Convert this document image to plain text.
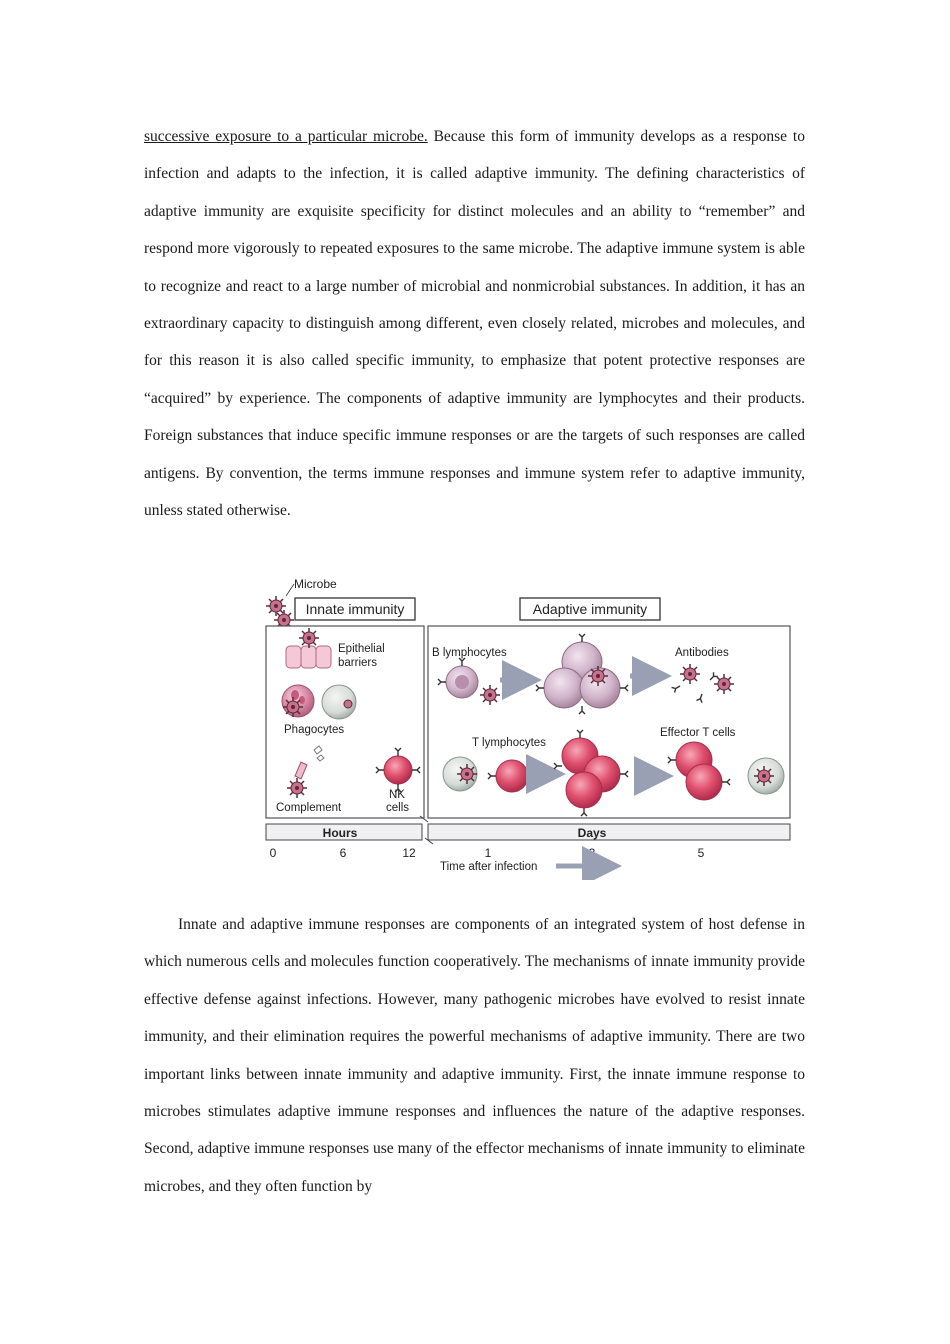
successive exposure to a particular microbe. Because this form of immunity develops as a response to infection and adapts to the infection, it is called adaptive immunity. The defining characteristics of adaptive immunity are exquisite specificity for distinct molecules and an ability to “remember” and respond more vigorously to repeated exposures to the same microbe. The adaptive immune system is able to recognize and react to a large number of microbial and nonmicrobial substances. In addition, it has an extraordinary capacity to distinguish among different, even closely related, microbes and molecules, and for this reason it is also called specific immunity, to emphasize that potent protective responses are “acquired” by experience. The components of adaptive immunity are lymphocytes and their products. Foreign substances that induce specific immune responses or are the targets of such responses are called antigens. By convention, the terms immune responses and immune system refer to adaptive immunity, unless stated otherwise.

Microbe
Innate immunity	Adaptive immunity
Epithelial
barriers
Phagocytes
Complement
NK
cells
B lymphocytes	Antibodies
T lymphocytes
Effector T cells
Hours	Days
0	6	12	1	3	5
Time after infection

Innate and adaptive immune responses are components of an integrated system of host defense in which numerous cells and molecules function cooperatively. The mechanisms of innate immunity provide effective defense against infections. However, many pathogenic microbes have evolved to resist innate immunity, and their elimination requires the powerful mechanisms of adaptive immunity. There are two important links between innate immunity and adaptive immunity. First, the innate immune response to microbes stimulates adaptive immune responses and influences the nature of the adaptive responses. Second, adaptive immune responses use many of the effector mechanisms of innate immunity to eliminate microbes, and they often function by
